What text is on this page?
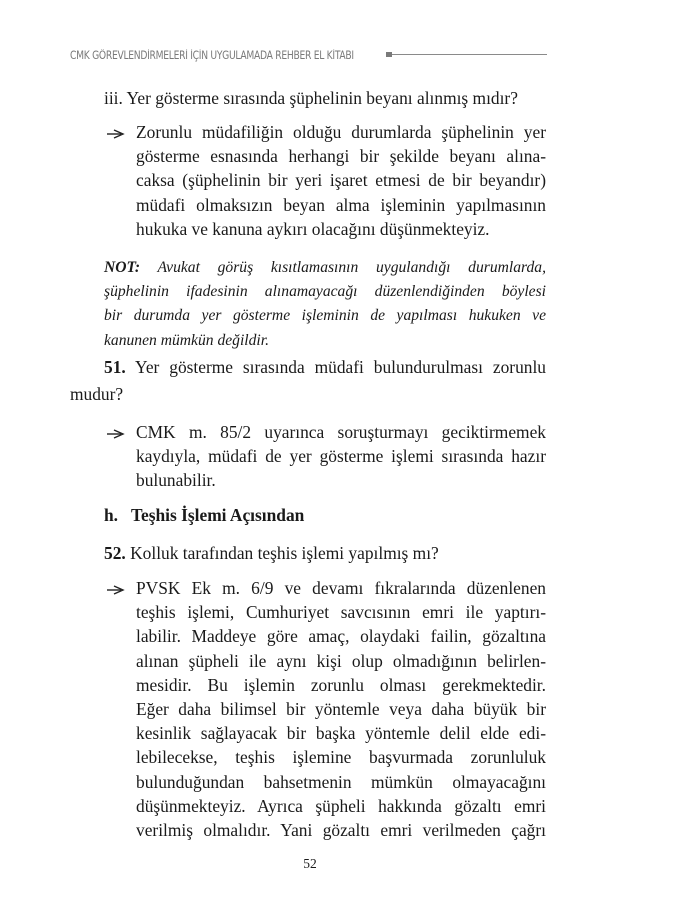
CMK GÖREVLENDİRMELERİ İÇİN UYGULAMADA REHBER EL KİTABI
iii. Yer gösterme sırasında şüphelinin beyanı alınmış mıdır?
Zorunlu müdafiliğin olduğu durumlarda şüphelinin yer
gösterme esnasında herhangi bir şekilde beyanı alına-
caksa (şüphelinin bir yeri işaret etmesi de bir beyandır)
müdafi olmaksızın beyan alma işleminin yapılmasının
hukuka ve kanuna aykırı olacağını düşünmekteyiz.
NOT: Avukat görüş kısıtlamasının uygulandığı durumlarda,
şüphelinin ifadesinin alınamayacağı düzenlendiğinden böylesi
bir durumda yer gösterme işleminin de yapılması hukuken ve
kanunen mümkün değildir.
51. Yer gösterme sırasında müdafi bulundurulması zorunlu
mudur?
CMK m. 85/2 uyarınca soruşturmayı geciktirmemek
kaydıyla, müdafi de yer gösterme işlemi sırasında hazır
bulunabilir.
h. Teşhis İşlemi Açısından
52. Kolluk tarafından teşhis işlemi yapılmış mı?
PVSK Ek m. 6/9 ve devamı fıkralarında düzenlenen
teşhis işlemi, Cumhuriyet savcısının emri ile yaptırı-
labilir. Maddeye göre amaç, olaydaki failin, gözaltına
alınan şüpheli ile aynı kişi olup olmadığının belirlen-
mesidir. Bu işlemin zorunlu olması gerekmektedir.
Eğer daha bilimsel bir yöntemle veya daha büyük bir
kesinlik sağlayacak bir başka yöntemle delil elde edi-
lebilecekse, teşhis işlemine başvurmada zorunluluk
bulunduğundan bahsetmenin mümkün olmayacağını
düşünmekteyiz. Ayrıca şüpheli hakkında gözaltı emri
verilmiş olmalıdır. Yani gözaltı emri verilmeden çağrı
52
